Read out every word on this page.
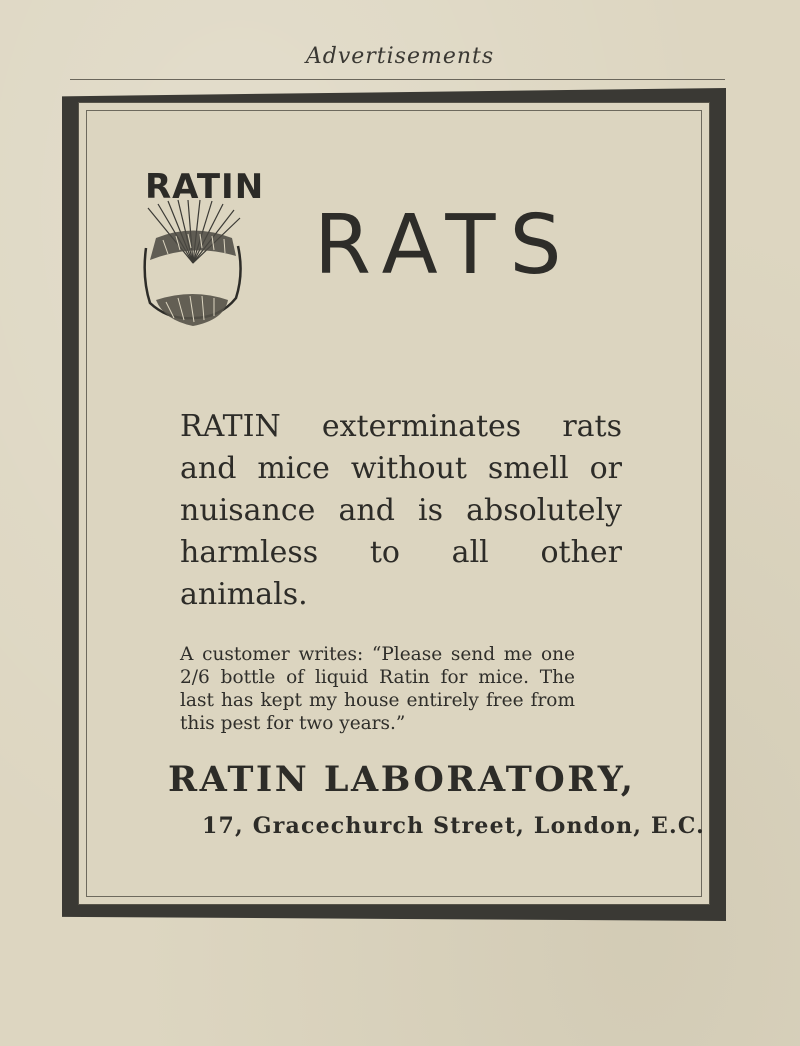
Advertisements
RATIN
RATS
RATIN exterminates rats and mice without smell or nuisance and is absolutely harmless to all other animals.
A customer writes: “Please send me one 2/6 bottle of liquid Ratin for mice. The last has kept my house entirely free from this pest for two years.”
RATIN LABORATORY,
17, Gracechurch Street, London, E.C.
